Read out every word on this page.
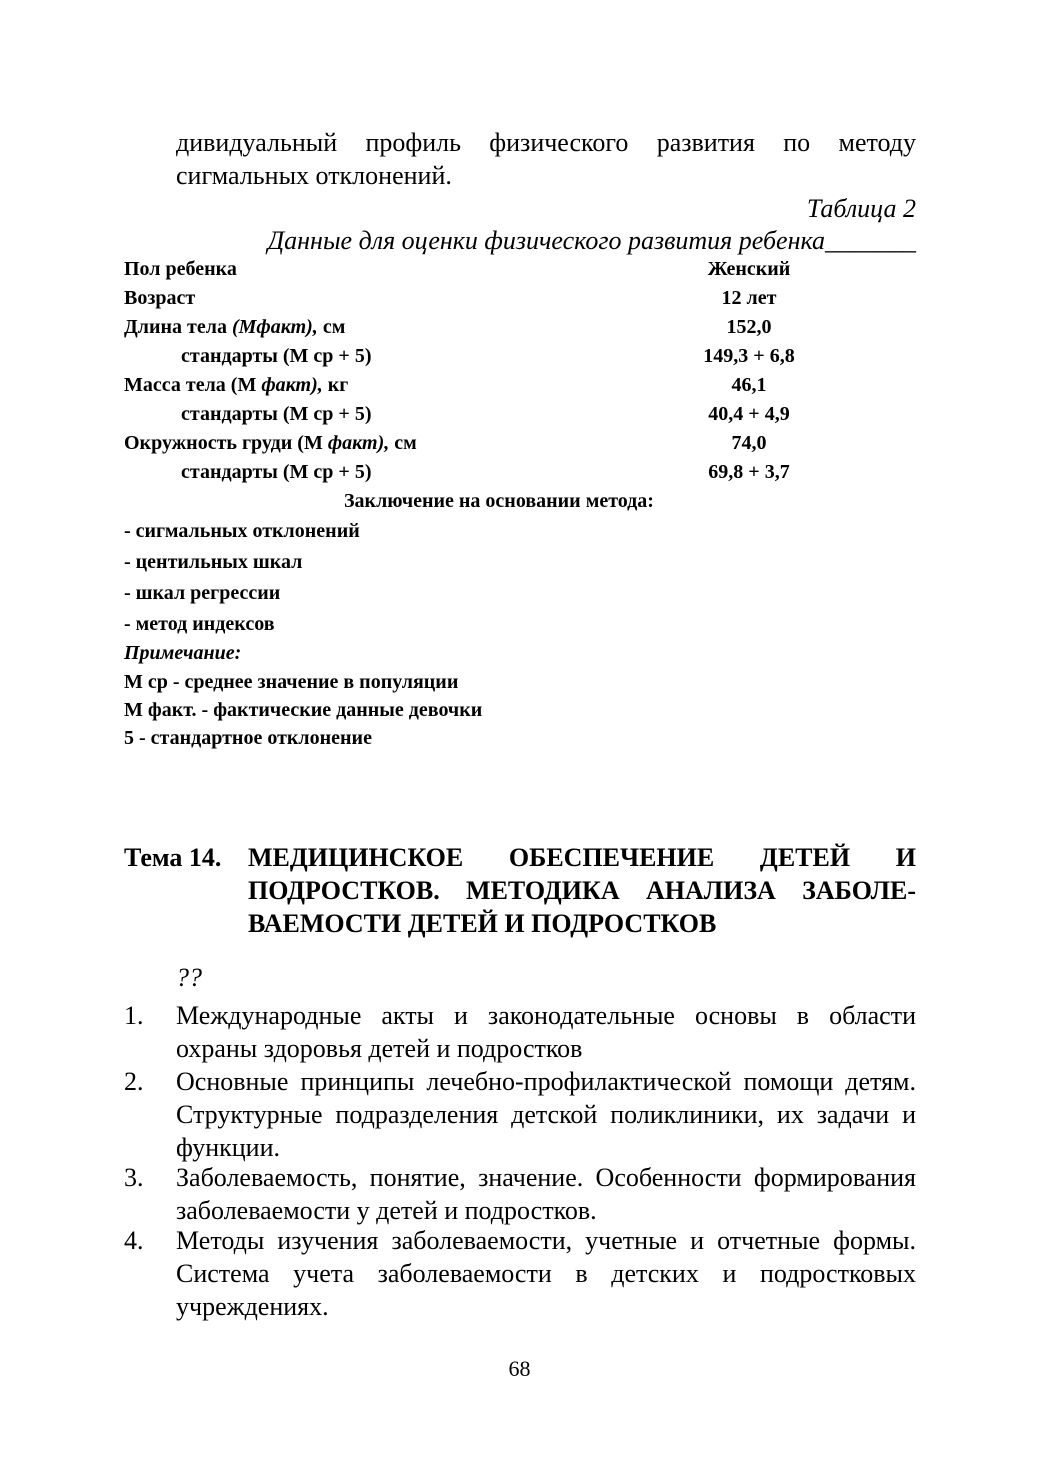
дивидуальный профиль физического развития по методу
сигмальных отклонений.
Таблица 2
Данные для оценки физического развития ребенка_______
Пол ребенка	Женский
Возраст	12 лет
Длина тела (Мфакт), см	152,0
стандарты (М ср + 5)	149,3 + 6,8
Масса тела (М факт), кг	46,1
стандарты (М ср + 5)	40,4 + 4,9
Окружность груди (М факт), см	74,0
стандарты (М ср + 5)	69,8 + 3,7
Заключение на основании метода:
- сигмальных отклонений
- центильных шкал
- шкал регрессии
- метод индексов
Примечание:
М ср - среднее значение в популяции
М факт. - фактические данные девочки
5 - стандартное отклонение
Тема 14. МЕДИЦИНСКОЕ ОБЕСПЕЧЕНИЕ ДЕТЕЙ И
ПОДРОСТКОВ. МЕТОДИКА АНАЛИЗА ЗАБОЛЕ-
ВАЕМОСТИ ДЕТЕЙ И ПОДРОСТКОВ
??
1. Международные акты и законодательные основы в области охраны здоровья детей и подростков
2. Основные принципы лечебно-профилактической помощи детям. Структурные подразделения детской поликлиники, их задачи и функции.
3. Заболеваемость, понятие, значение. Особенности формирования заболеваемости у детей и подростков.
4. Методы изучения заболеваемости, учетные и отчетные формы. Система учета заболеваемости в детских и подростковых учреждениях.
68
